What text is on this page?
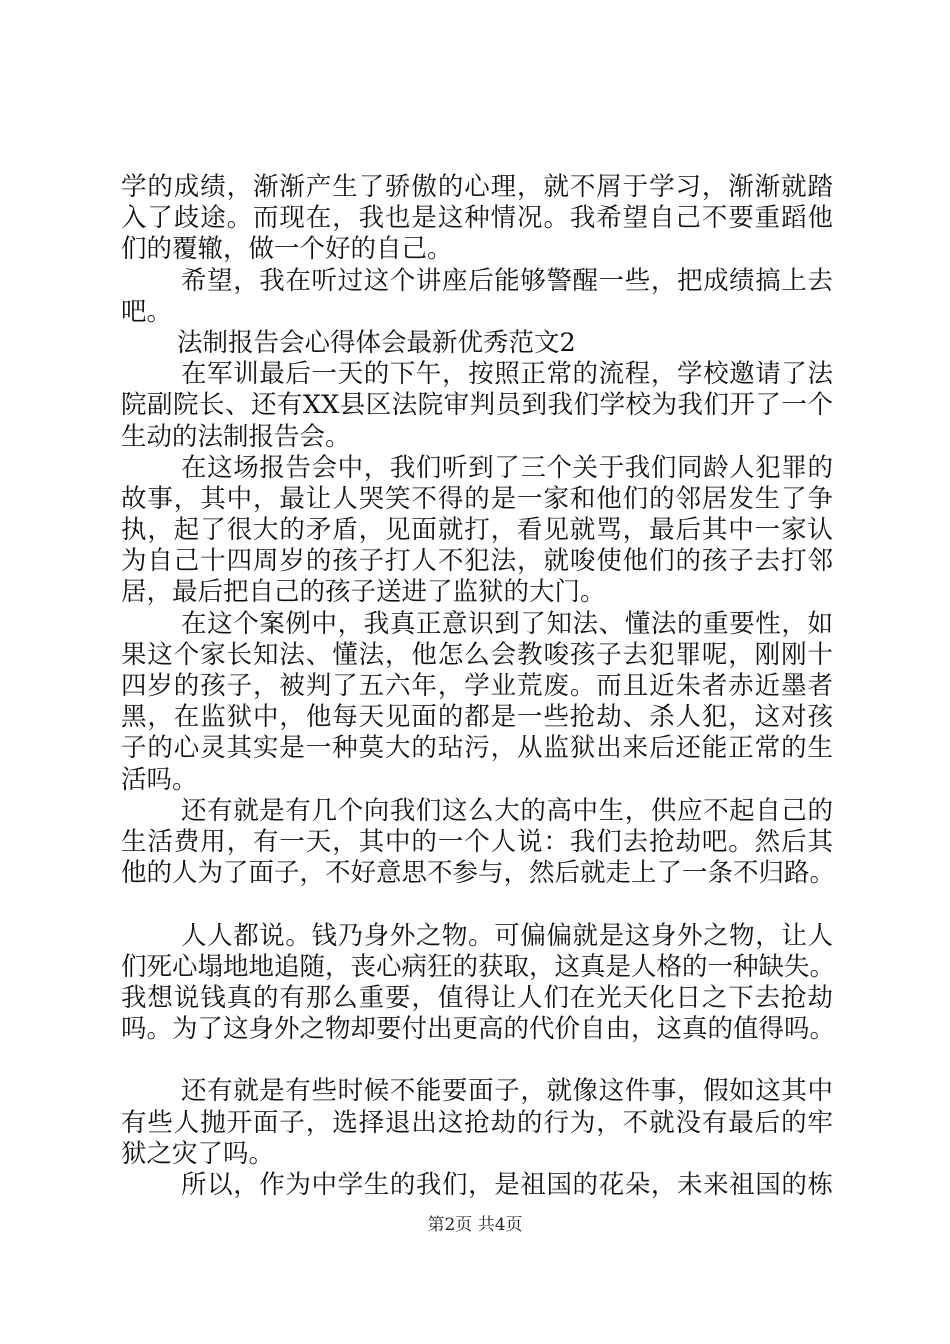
学的成绩，渐渐产生了骄傲的心理，就不屑于学习，渐渐就踏
入了歧途。而现在，我也是这种情况。我希望自己不要重蹈他
们的覆辙，做一个好的自己。
希望，我在听过这个讲座后能够警醒一些，把成绩搞上去
吧。
法制报告会心得体会最新优秀范文2
在军训最后一天的下午，按照正常的流程，学校邀请了法
院副院长、还有XX县区法院审判员到我们学校为我们开了一个
生动的法制报告会。
在这场报告会中，我们听到了三个关于我们同龄人犯罪的
故事，其中，最让人哭笑不得的是一家和他们的邻居发生了争
执，起了很大的矛盾，见面就打，看见就骂，最后其中一家认
为自己十四周岁的孩子打人不犯法，就唆使他们的孩子去打邻
居，最后把自己的孩子送进了监狱的大门。
在这个案例中，我真正意识到了知法、懂法的重要性，如
果这个家长知法、懂法，他怎么会教唆孩子去犯罪呢，刚刚十
四岁的孩子，被判了五六年，学业荒废。而且近朱者赤近墨者
黑，在监狱中，他每天见面的都是一些抢劫、杀人犯，这对孩
子的心灵其实是一种莫大的玷污，从监狱出来后还能正常的生
活吗。
还有就是有几个向我们这么大的高中生，供应不起自己的
生活费用，有一天，其中的一个人说：我们去抢劫吧。然后其
他的人为了面子，不好意思不参与，然后就走上了一条不归路。
人人都说。钱乃身外之物。可偏偏就是这身外之物，让人
们死心塌地地追随，丧心病狂的获取，这真是人格的一种缺失。
我想说钱真的有那么重要，值得让人们在光天化日之下去抢劫
吗。为了这身外之物却要付出更高的代价自由，这真的值得吗。
还有就是有些时候不能要面子，就像这件事，假如这其中
有些人抛开面子，选择退出这抢劫的行为，不就没有最后的牢
狱之灾了吗。
所以，作为中学生的我们，是祖国的花朵，未来祖国的栋
第2页 共4页
